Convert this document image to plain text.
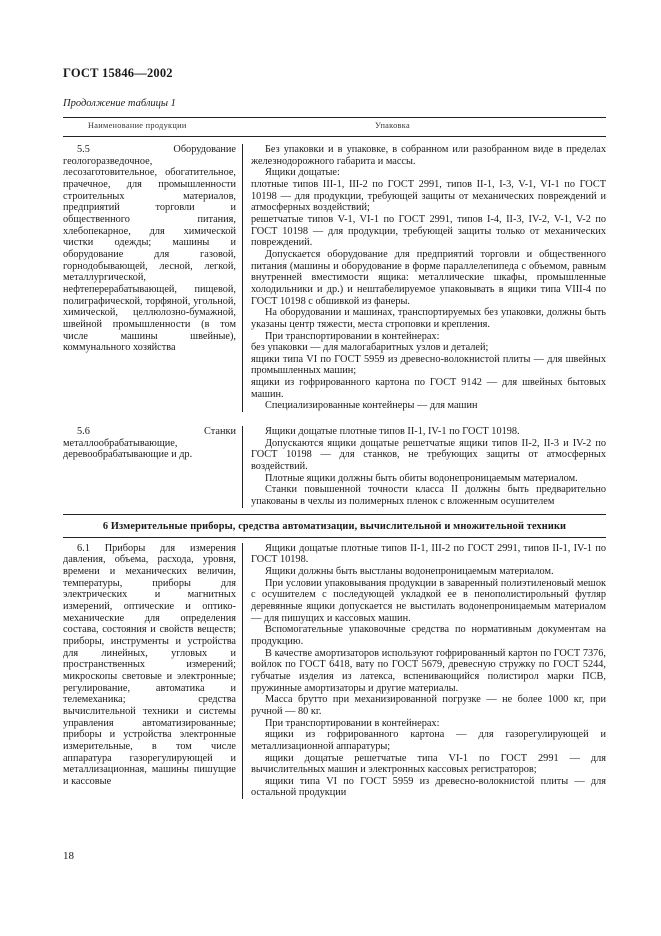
ГОСТ 15846—2002
Продолжение таблицы 1
Наименование продукции	Упаковка

5.5 Оборудование геологоразведочное, лесозаготовительное, обогатительное, прачечное, для промышленности строительных материалов, предприятий торговли и общественного питания, хлебопекарное, для химической чистки одежды; машины и оборудование для газовой, горнодобывающей, лесной, легкой, металлургической, нефтеперерабатывающей, пищевой, полиграфической, торфяной, угольной, химической, целлюлозно-бумажной, швейной промышленности (в том числе машины швейные), коммунального хозяйства

Без упаковки и в упаковке, в собранном или разобранном виде в пределах железнодорожного габарита и массы.

Ящики дощатые:

плотные типов III-1, III-2 по ГОСТ 2991, типов II-1, I-3, V-1, VI-1 по ГОСТ 10198 — для продукции, требующей защиты от механических повреждений и атмосферных воздействий;

решетчатые типов V-1, VI-1 по ГОСТ 2991, типов I-4, II-3, IV-2, V-1, V-2 по ГОСТ 10198 — для продукции, требующей защиты только от механических повреждений.

Допускается оборудование для предприятий торговли и общественного питания (машины и оборудование в форме параллелепипеда с объемом, равным внутренней вместимости ящика: металлические шкафы, промышленные холодильники и др.) и нештабелируемое упаковывать в ящики типа VIII-4 по ГОСТ 10198 с обшивкой из фанеры.

На оборудовании и машинах, транспортируемых без упаковки, должны быть указаны центр тяжести, места строповки и крепления.

При транспортировании в контейнерах:

без упаковки — для малогабаритных узлов и деталей;

ящики типа VI по ГОСТ 5959 из древесно-волокнистой плиты — для швейных промышленных машин;

ящики из гофрированного картона по ГОСТ 9142 — для швейных бытовых машин.

Специализированные контейнеры — для машин

5.6 Станки металлообрабатывающие, деревообрабатывающие и др.

Ящики дощатые плотные типов II-1, IV-1 по ГОСТ 10198.

Допускаются ящики дощатые решетчатые ящики типов II-2, II-3 и IV-2 по ГОСТ 10198 — для станков, не требующих защиты от атмосферных воздействий.

Плотные ящики должны быть обиты водонепроницаемым материалом.

Станки повышенной точности класса II должны быть предварительно упакованы в чехлы из полимерных пленок с вложенным осушителем

6 Измерительные приборы, средства автоматизации, вычислительной и множительной техники

6.1 Приборы для измерения давления, объема, расхода, уровня, времени и механических величин, температуры, приборы для электрических и магнитных измерений, оптические и оптико-механические для определения состава, состояния и свойств веществ; приборы, инструменты и устройства для линейных, угловых и пространственных измерений; микроскопы световые и электронные; регулирование, автоматика и телемеханика; средства вычислительной техники и системы управления автоматизированные; приборы и устройства электронные измерительные, в том числе аппаратура газорегулирующей и металлизационная, машины пишущие и кассовые

Ящики дощатые плотные типов II-1, III-2 по ГОСТ 2991, типов II-1, IV-1 по ГОСТ 10198.

Ящики должны быть выстланы водонепроницаемым материалом.

При условии упаковывания продукции в заваренный полиэтиленовый мешок с осушителем с последующей укладкой ее в пенополистирольный футляр деревянные ящики допускается не выстилать водонепроницаемым материалом — для пишущих и кассовых машин.

Вспомогательные упаковочные средства по нормативным документам на продукцию.

В качестве амортизаторов используют гофрированный картон по ГОСТ 7376, войлок по ГОСТ 6418, вату по ГОСТ 5679, древесную стружку по ГОСТ 5244, губчатые изделия из латекса, вспенивающийся полистирол марки ПСВ, пружинные амортизаторы и другие материалы.

Масса брутто при механизированной погрузке — не более 1000 кг, при ручной — 80 кг.

При транспортировании в контейнерах:

ящики из гофрированного картона — для газорегулирующей и металлизационной аппаратуры;

ящики дощатые решетчатые типа VI-1 по ГОСТ 2991 — для вычислительных машин и электронных кассовых регистраторов;

ящики типа VI по ГОСТ 5959 из древесно-волокнистой плиты — для остальной продукции

18
